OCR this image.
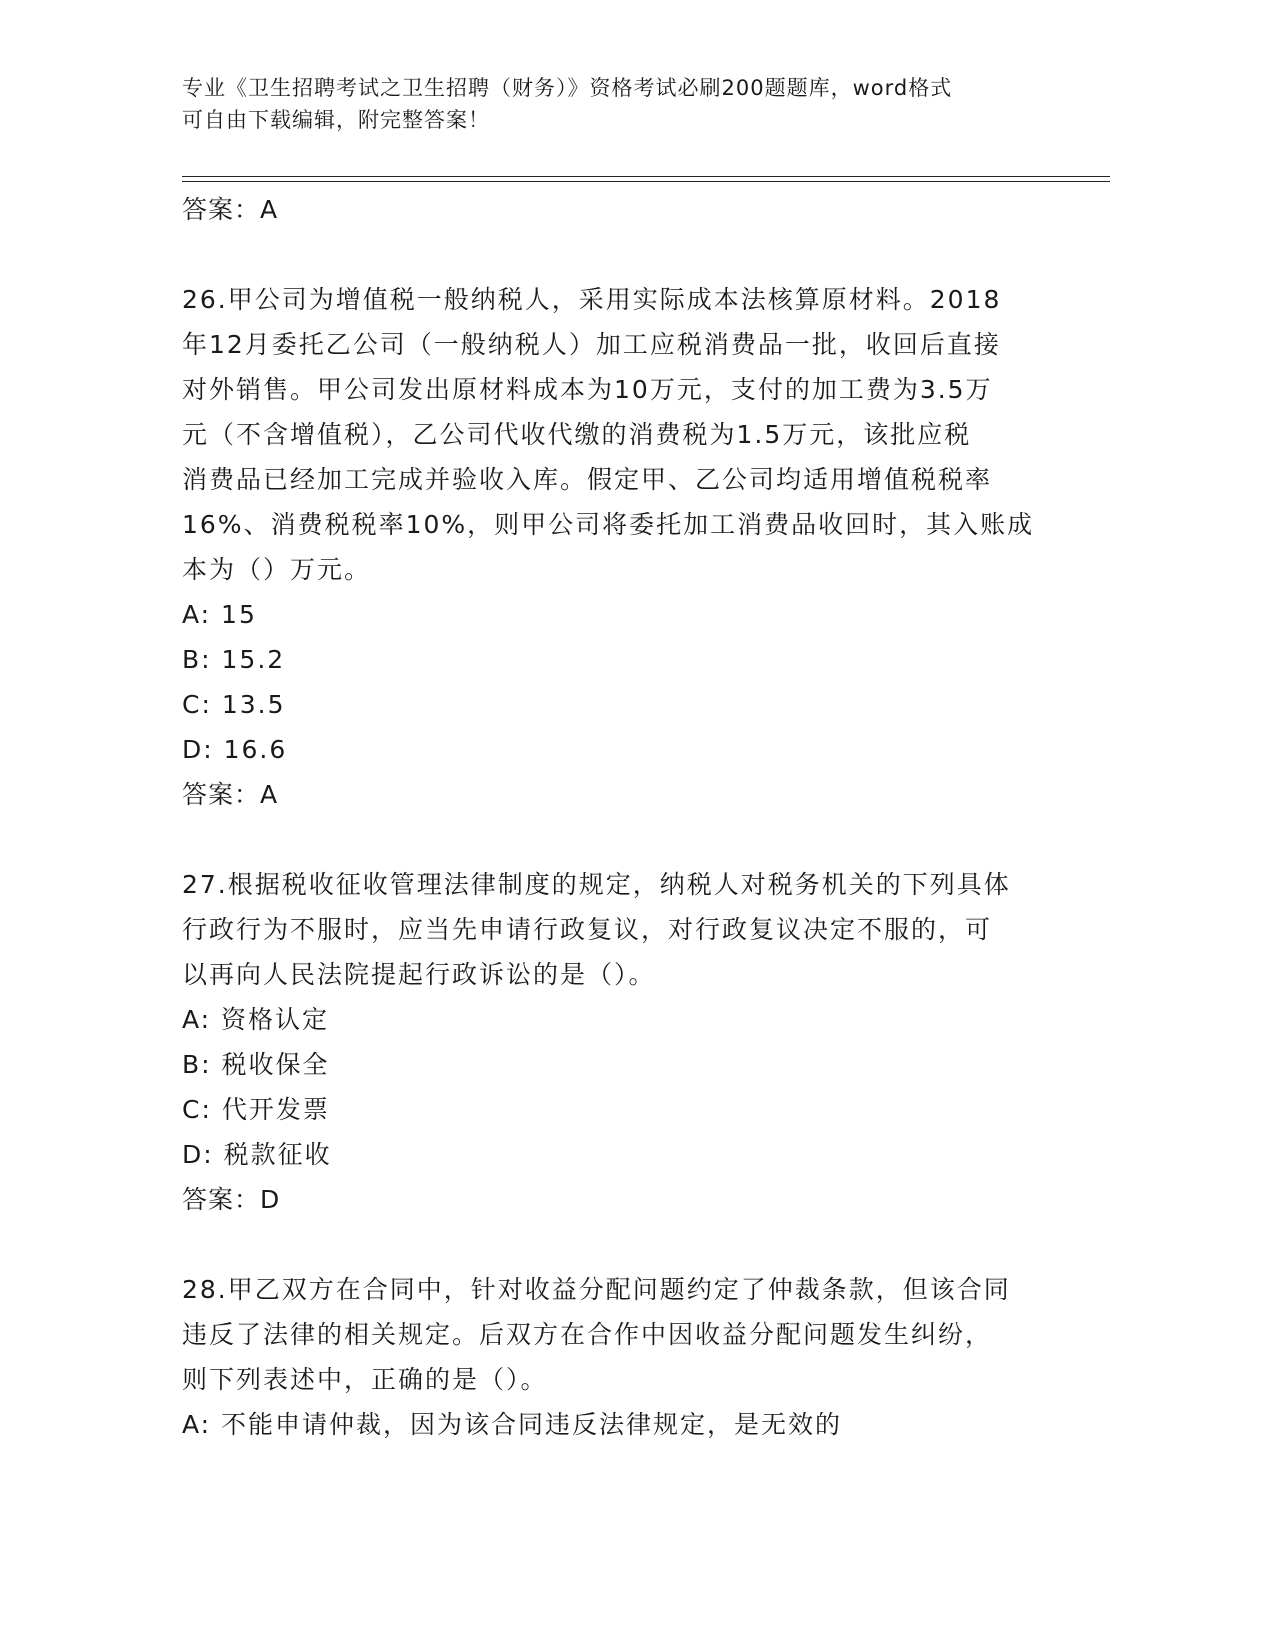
专业《卫生招聘考试之卫生招聘（财务）》资格考试必刷200题题库，word格式
可自由下载编辑，附完整答案！

答案：A

26.甲公司为增值税一般纳税人，采用实际成本法核算原材料。2018

年12月委托乙公司（一般纳税人）加工应税消费品一批，收回后直接

对外销售。甲公司发出原材料成本为10万元，支付的加工费为3.5万

元（不含增值税），乙公司代收代缴的消费税为1.5万元，该批应税

消费品已经加工完成并验收入库。假定甲、乙公司均适用增值税税率

16%、消费税税率10%，则甲公司将委托加工消费品收回时，其入账成

本为（）万元。

A: 15

B: 15.2

C: 13.5

D: 16.6

答案：A

27.根据税收征收管理法律制度的规定，纳税人对税务机关的下列具体

行政行为不服时，应当先申请行政复议，对行政复议决定不服的，可

以再向人民法院提起行政诉讼的是（）。

A: 资格认定

B: 税收保全

C: 代开发票

D: 税款征收

答案：D

28.甲乙双方在合同中，针对收益分配问题约定了仲裁条款，但该合同

违反了法律的相关规定。后双方在合作中因收益分配问题发生纠纷，

则下列表述中，正确的是（）。

A: 不能申请仲裁，因为该合同违反法律规定，是无效的
